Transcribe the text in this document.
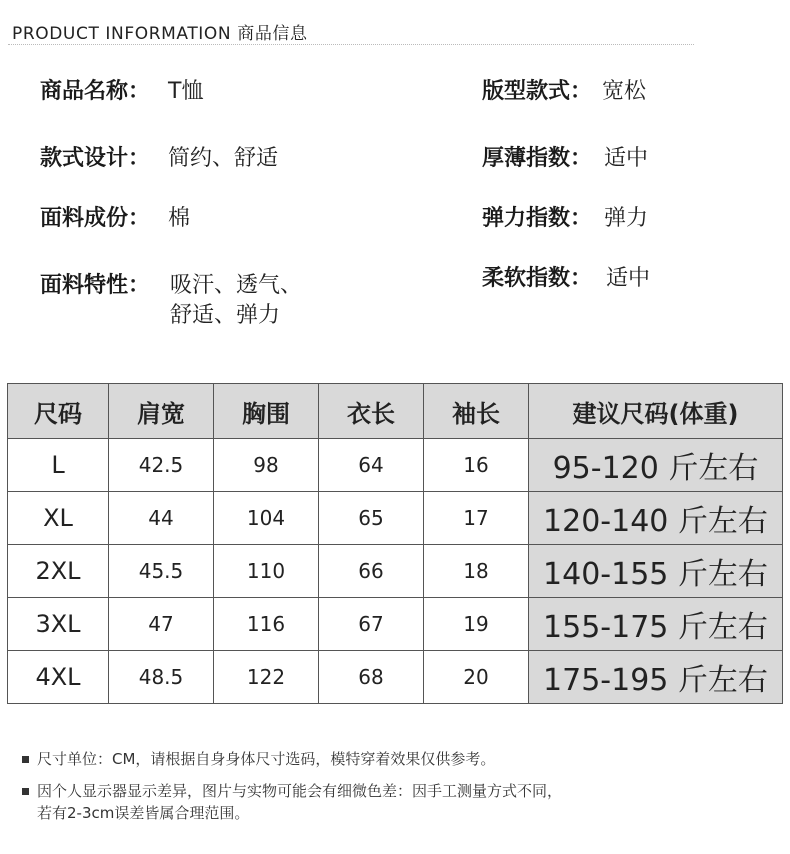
PRODUCT INFORMATION 商品信息
商品名称： T恤
款式设计： 简约、舒适
面料成份： 棉
面料特性： 吸汗、透气、
舒适、弹力
版型款式： 宽松
厚薄指数： 适中
弹力指数： 弹力
柔软指数： 适中
尺码	肩宽	胸围	衣长	袖长	建议尺码(体重)
L	42.5	98	64	16	95-120 斤左右
XL	44	104	65	17	120-140 斤左右
2XL	45.5	110	66	18	140-155 斤左右
3XL	47	116	67	19	155-175 斤左右
4XL	48.5	122	68	20	175-195 斤左右
尺寸单位：CM，请根据自身身体尺寸选码，模特穿着效果仅供参考。
因个人显示器显示差异，图片与实物可能会有细微色差：因手工测量方式不同，
若有2-3cm误差皆属合理范围。
